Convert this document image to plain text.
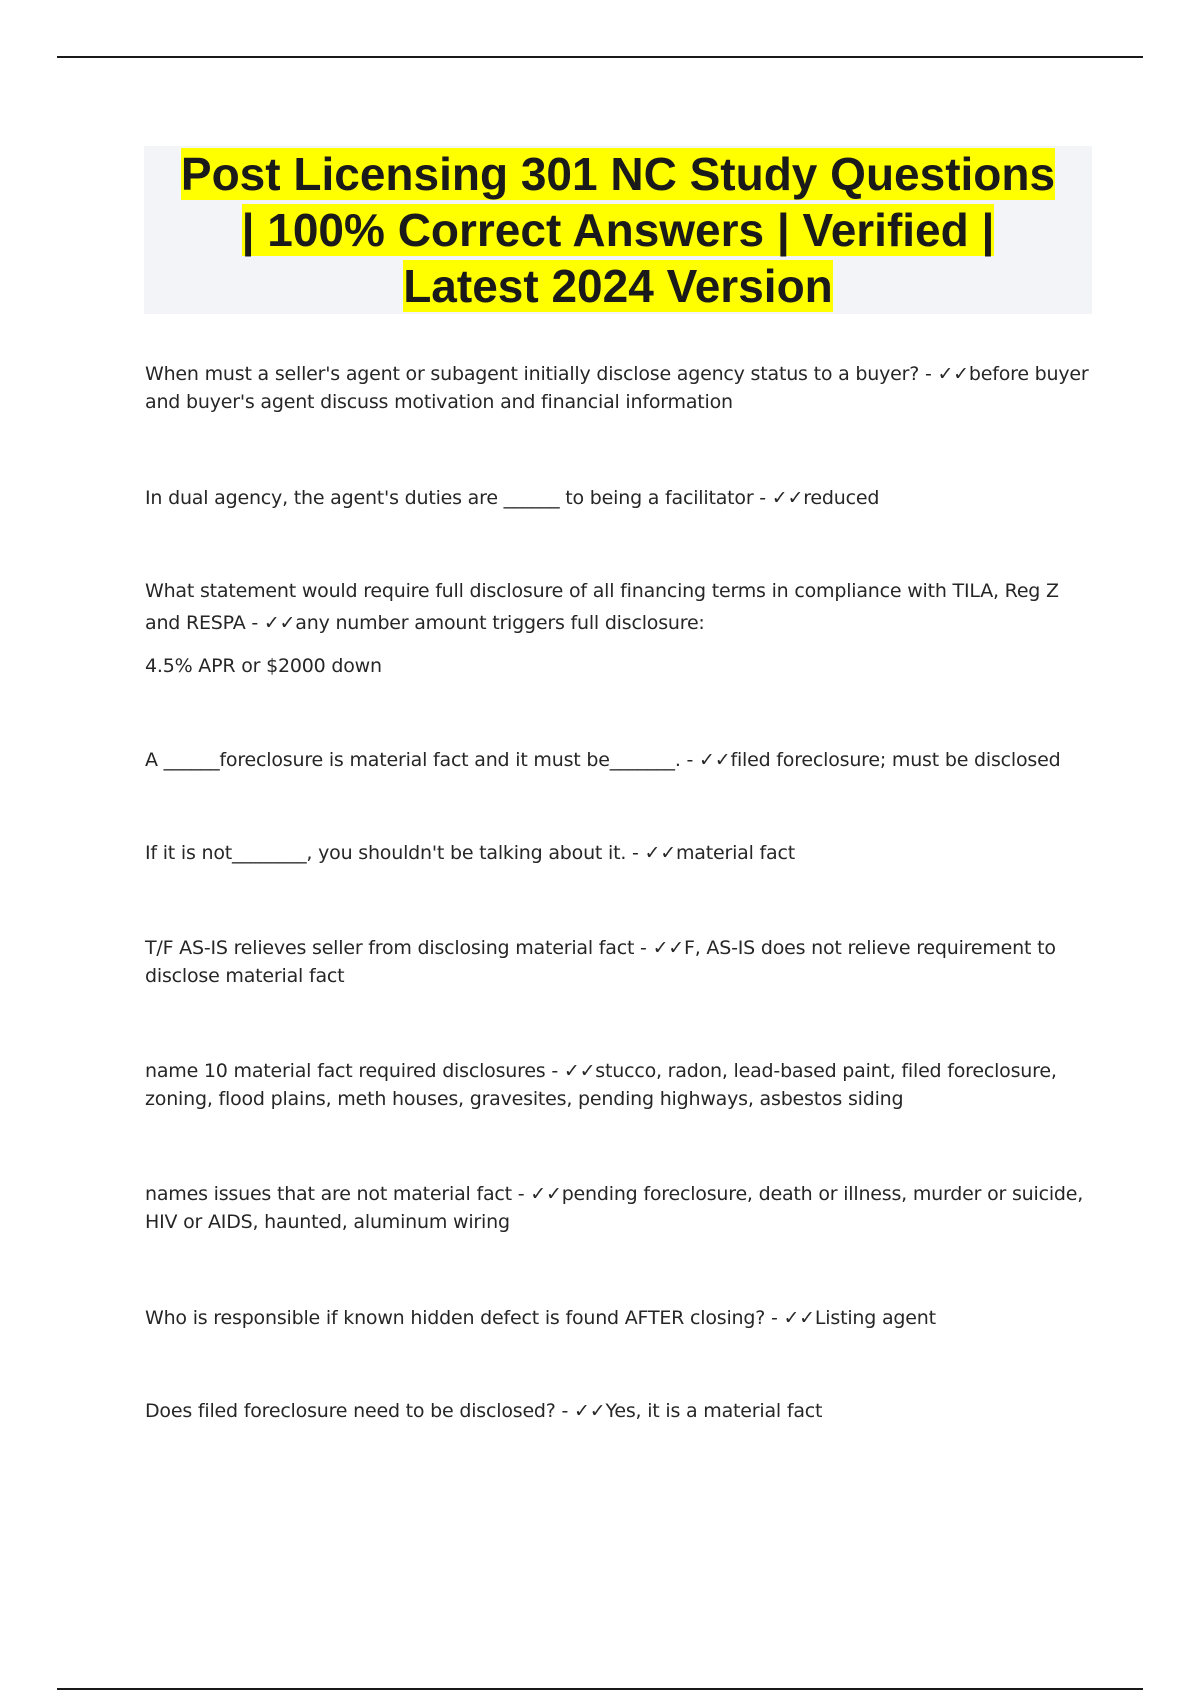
Post Licensing 301 NC Study Questions
| 100% Correct Answers | Verified |
Latest 2024 Version

When must a seller's agent or subagent initially disclose agency status to a buyer? - ✓✓before buyer and buyer's agent discuss motivation and financial information

In dual agency, the agent's duties are ______ to being a facilitator - ✓✓reduced

What statement would require full disclosure of all financing terms in compliance with TILA, Reg Z and RESPA - ✓✓any number amount triggers full disclosure:

4.5% APR or $2000 down

A ______foreclosure is material fact and it must be_______. - ✓✓filed foreclosure; must be disclosed

If it is not________, you shouldn't be talking about it. - ✓✓material fact

T/F AS-IS relieves seller from disclosing material fact - ✓✓F, AS-IS does not relieve requirement to disclose material fact

name 10 material fact required disclosures - ✓✓stucco, radon, lead-based paint, filed foreclosure, zoning, flood plains, meth houses, gravesites, pending highways, asbestos siding

names issues that are not material fact - ✓✓pending foreclosure, death or illness, murder or suicide, HIV or AIDS, haunted, aluminum wiring

Who is responsible if known hidden defect is found AFTER closing? - ✓✓Listing agent

Does filed foreclosure need to be disclosed? - ✓✓Yes, it is a material fact
